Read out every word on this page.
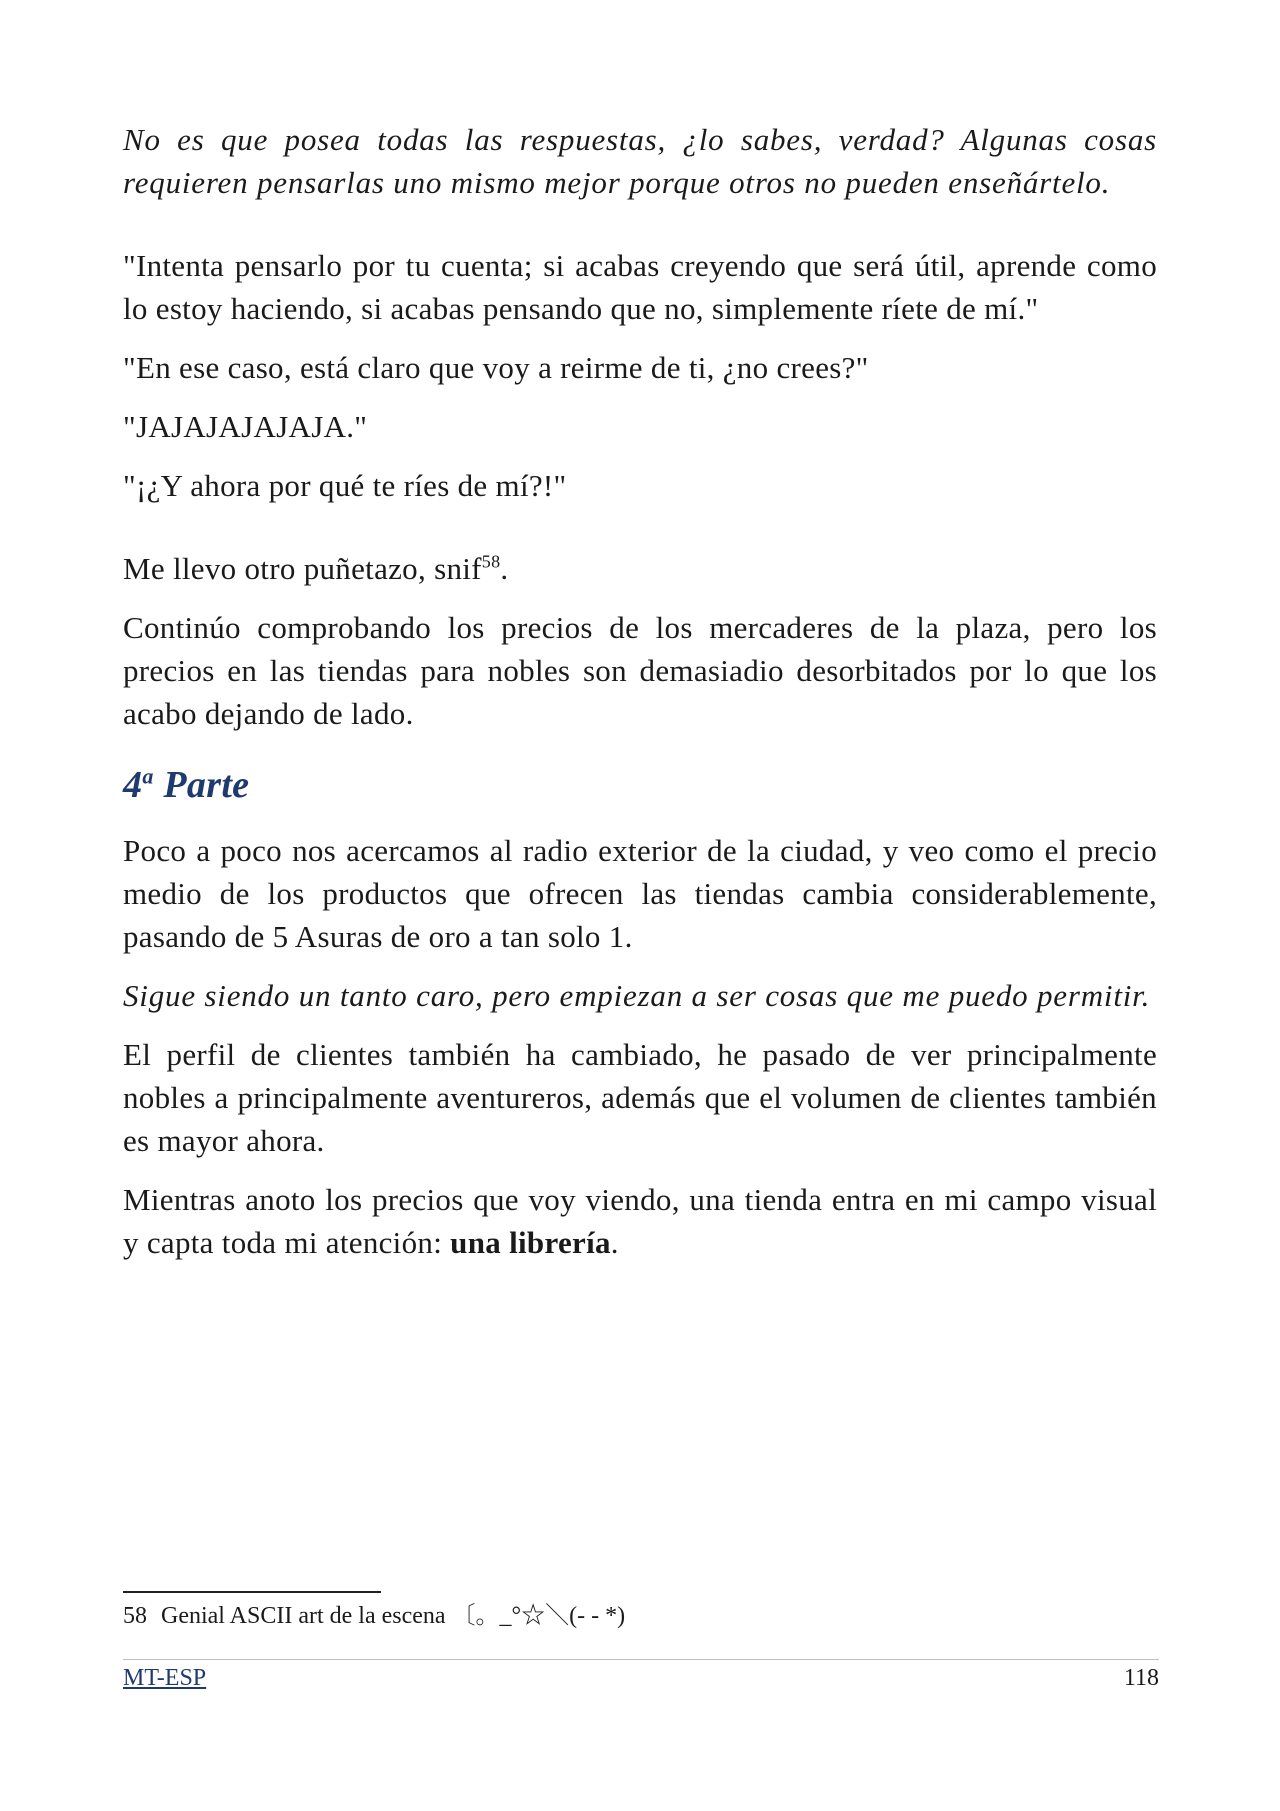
No es que posea todas las respuestas, ¿lo sabes, verdad? Algunas cosas requieren pensarlas uno mismo mejor porque otros no pueden enseñártelo.

"Intenta pensarlo por tu cuenta; si acabas creyendo que será útil, aprende como lo estoy haciendo, si acabas pensando que no, simplemente ríete de mí."

"En ese caso, está claro que voy a reirme de ti, ¿no crees?"

"JAJAJAJAJAJA."

"¡¿Y ahora por qué te ríes de mí?!"

Me llevo otro puñetazo, snif$^{58}$.

Continúo comprobando los precios de los mercaderes de la plaza, pero los precios en las tiendas para nobles son demasiadio desorbitados por lo que los acabo dejando de lado.

4$^a$ Parte

Poco a poco nos acercamos al radio exterior de la ciudad, y veo como el precio medio de los productos que ofrecen las tiendas cambia considerablemente, pasando de 5 Asuras de oro a tan solo 1.

Sigue siendo un tanto caro, pero empiezan a ser cosas que me puedo permitir.

El perfil de clientes también ha cambiado, he pasado de ver principalmente nobles a principalmente aventureros, además que el volumen de clientes también es mayor ahora.

Mientras anoto los precios que voy viendo, una tienda entra en mi campo visual y capta toda mi atención: una librería.

58 Genial ASCII art de la escena 〔。_°☆＼(- - *)
MT-ESP	118
